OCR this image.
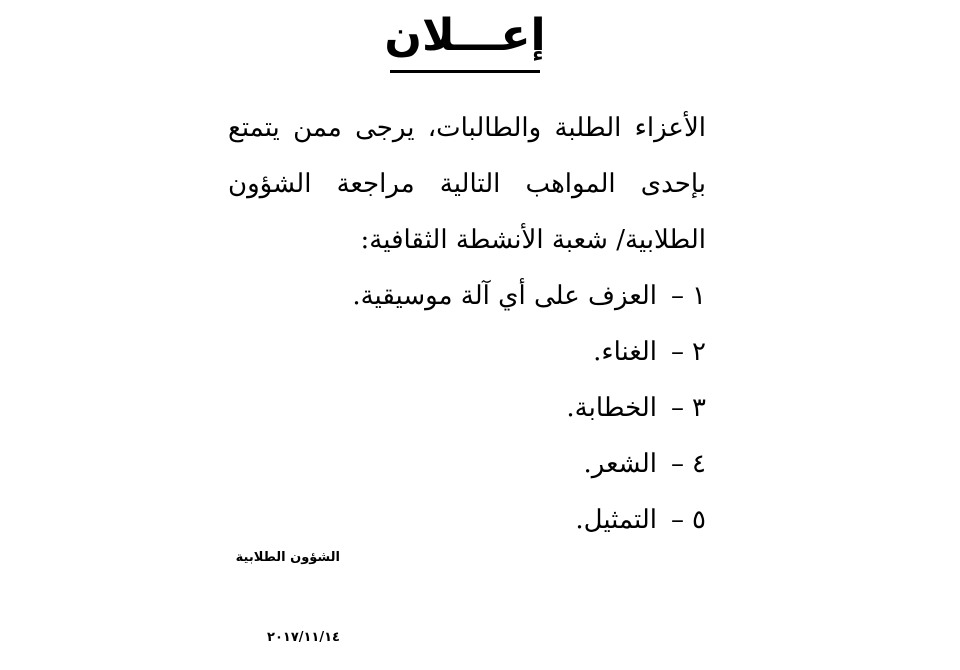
إعـــلان
الأعزاء الطلبة والطالبات، يرجى ممن يتمتع
بإحدى المواهب التالية مراجعة الشؤون
الطلابية/ شعبة الأنشطة الثقافية:
١–العزف على أي آلة موسيقية.
٢–الغناء.
٣–الخطابة.
٤–الشعر.
٥–التمثيل.
الشؤون الطلابية
٢٠١٧/١١/١٤
